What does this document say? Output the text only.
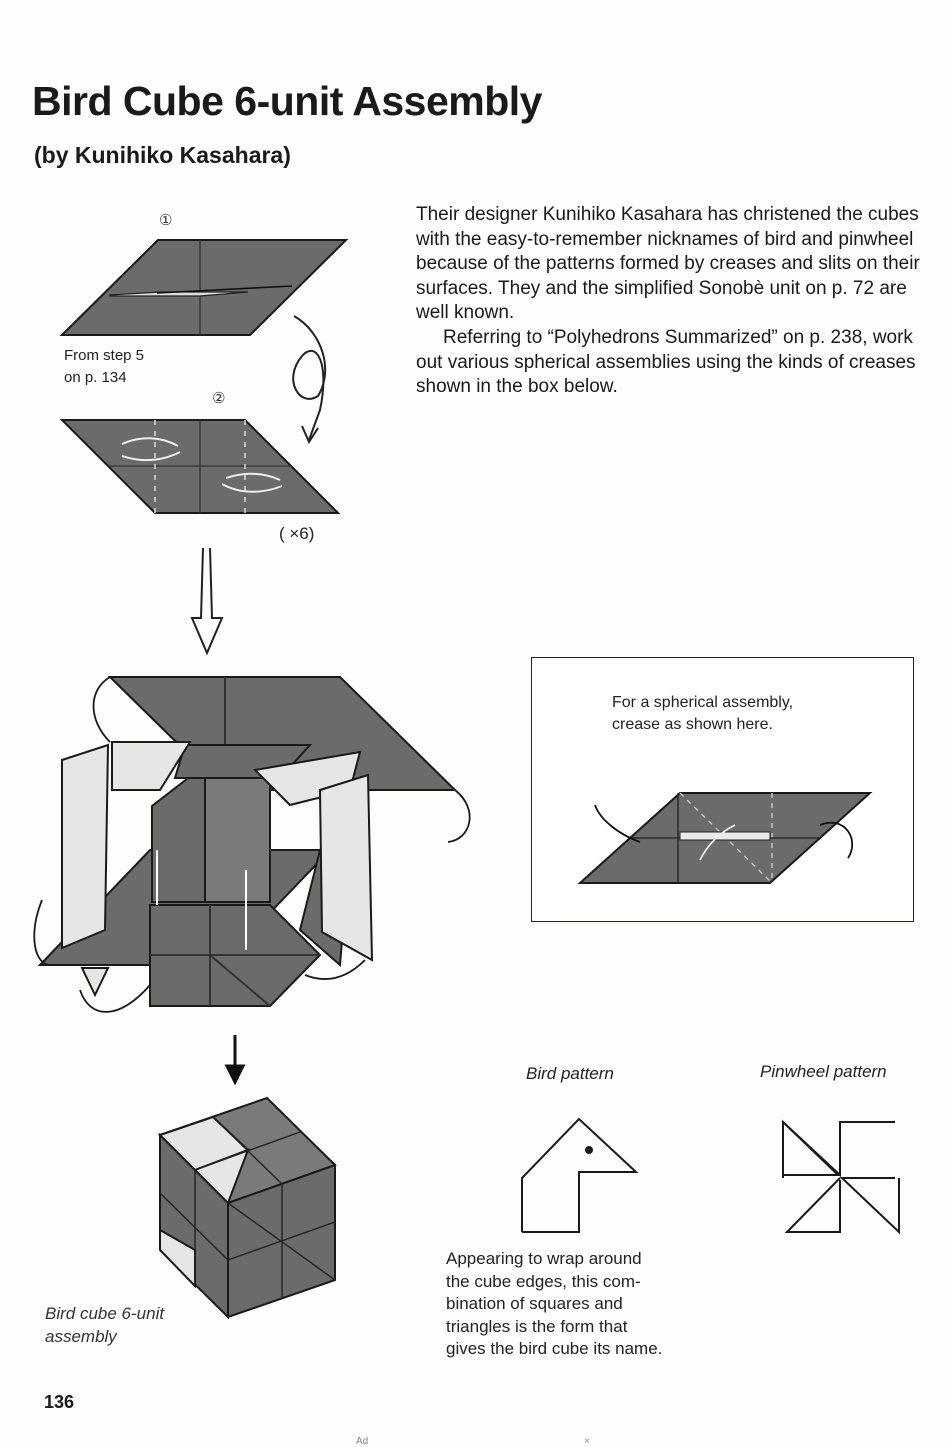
Bird Cube 6-unit Assembly
(by Kunihiko Kasahara)

Their designer Kunihiko Kasahara has christened the cubes with the easy-to-remember nicknames of bird and pinwheel because of the patterns formed by creases and slits on their surfaces. They and the simplified Sonobè unit on p. 72 are well known.

Referring to “Polyhedrons Summarized” on p. 238, work out various spherical assemblies using the kinds of creases shown in the box below.

①
②
From step 5
on p. 134
( ×6)
For a spherical assembly,
crease as shown here.
Bird pattern	Pinwheel pattern
Appearing to wrap around
the cube edges, this com-
bination of squares and
triangles is the form that
gives the bird cube its name.
Bird cube 6-unit
assembly
136
Ad	×
